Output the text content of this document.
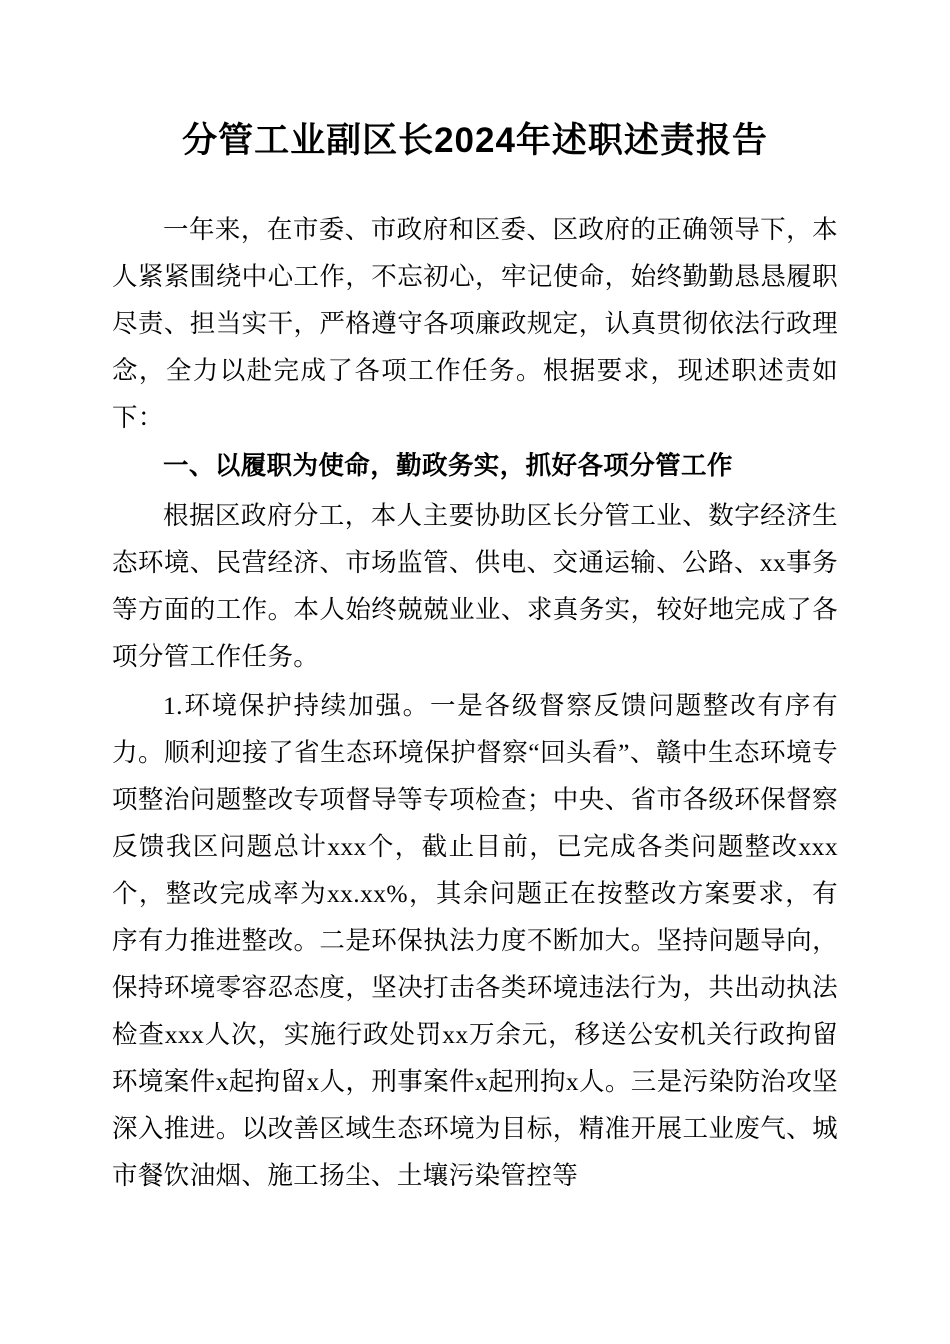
分管工业副区长2024年述职述责报告

一年来，在市委、市政府和区委、区政府的正确领导下，本人紧紧围绕中心工作，不忘初心，牢记使命，始终勤勤恳恳履职尽责、担当实干，严格遵守各项廉政规定，认真贯彻依法行政理念，全力以赴完成了各项工作任务。根据要求，现述职述责如下：

一、以履职为使命，勤政务实，抓好各项分管工作

根据区政府分工，本人主要协助区长分管工业、数字经济生态环境、民营经济、市场监管、供电、交通运输、公路、xx事务等方面的工作。本人始终兢兢业业、求真务实，较好地完成了各项分管工作任务。

1.环境保护持续加强。一是各级督察反馈问题整改有序有力。顺利迎接了省生态环境保护督察“回头看”、赣中生态环境专项整治问题整改专项督导等专项检查；中央、省市各级环保督察反馈我区问题总计xxx个，截止目前，已完成各类问题整改xxx个，整改完成率为xx.xx%，其余问题正在按整改方案要求，有序有力推进整改。二是环保执法力度不断加大。坚持问题导向，保持环境零容忍态度，坚决打击各类环境违法行为，共出动执法检查xxx人次，实施行政处罚xx万余元，移送公安机关行政拘留环境案件x起拘留x人，刑事案件x起刑拘x人。三是污染防治攻坚深入推进。以改善区域生态环境为目标，精准开展工业废气、城市餐饮油烟、施工扬尘、土壤污染管控等
